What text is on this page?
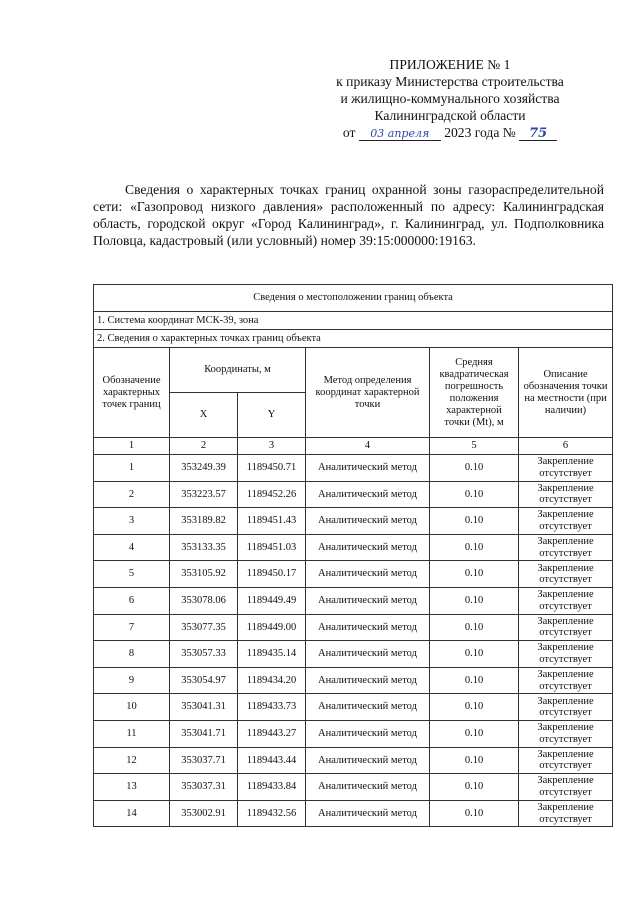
ПРИЛОЖЕНИЕ № 1
к приказу Министерства строительства
и жилищно-коммунального хозяйства
Калининградской области
от 03 апреля 2023 года № 75

Сведения о характерных точках границ охранной зоны газораспределительной сети: «Газопровод низкого давления» расположенный по адресу: Калининградская область, городской округ «Город Калининград», г. Калининград, ул. Подполковника Половца, кадастровый (или условный) номер 39:15:000000:19163.

Сведения о местоположении границ объекта					
1. Система координат МСК-39, зона					
2. Сведения о характерных точках границ объекта					
Обозначение характерных точек границ	Координаты, м		Метод определения координат характерной точки	Средняя квадратическая погрешность положения характерной точки (Mt), м	Описание обозначения точки на местности (при наличии)
	X	Y			
1	2	3	4	5	6
1	353249.39	1189450.71	Аналитический метод	0.10	Закрепление отсутствует
2	353223.57	1189452.26	Аналитический метод	0.10	Закрепление отсутствует
3	353189.82	1189451.43	Аналитический метод	0.10	Закрепление отсутствует
4	353133.35	1189451.03	Аналитический метод	0.10	Закрепление отсутствует
5	353105.92	1189450.17	Аналитический метод	0.10	Закрепление отсутствует
6	353078.06	1189449.49	Аналитический метод	0.10	Закрепление отсутствует
7	353077.35	1189449.00	Аналитический метод	0.10	Закрепление отсутствует
8	353057.33	1189435.14	Аналитический метод	0.10	Закрепление отсутствует
9	353054.97	1189434.20	Аналитический метод	0.10	Закрепление отсутствует
10	353041.31	1189433.73	Аналитический метод	0.10	Закрепление отсутствует
11	353041.71	1189443.27	Аналитический метод	0.10	Закрепление отсутствует
12	353037.71	1189443.44	Аналитический метод	0.10	Закрепление отсутствует
13	353037.31	1189433.84	Аналитический метод	0.10	Закрепление отсутствует
14	353002.91	1189432.56	Аналитический метод	0.10	Закрепление отсутствует
